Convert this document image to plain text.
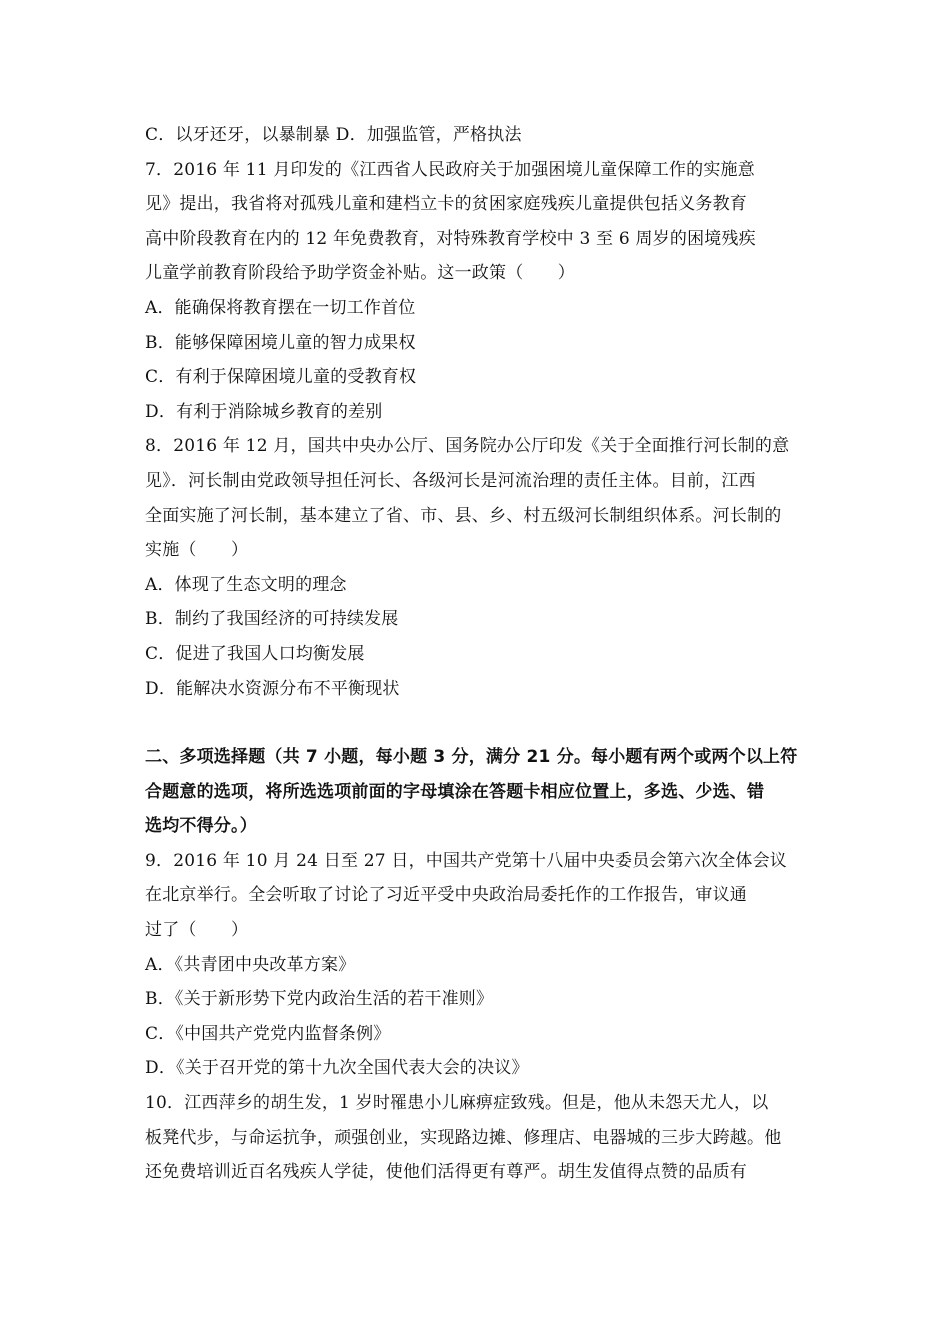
C．以牙还牙，以暴制暴 D．加强监管，严格执法
7．2016 年 11 月印发的《江西省人民政府关于加强困境儿童保障工作的实施意
见》提出，我省将对孤残儿童和建档立卡的贫困家庭残疾儿童提供包括义务教育
高中阶段教育在内的 12 年免费教育，对特殊教育学校中 3 至 6 周岁的困境残疾
儿童学前教育阶段给予助学资金补贴。这一政策（　　）
A．能确保将教育摆在一切工作首位
B．能够保障困境儿童的智力成果权
C．有利于保障困境儿童的受教育权
D．有利于消除城乡教育的差别
8．2016 年 12 月，国共中央办公厅、国务院办公厅印发《关于全面推行河长制的意
见》．河长制由党政领导担任河长、各级河长是河流治理的责任主体。目前，江西
全面实施了河长制，基本建立了省、市、县、乡、村五级河长制组织体系。河长制的
实施（　　）
A．体现了生态文明的理念
B．制约了我国经济的可持续发展
C．促进了我国人口均衡发展
D．能解决水资源分布不平衡现状
二、多项选择题（共 7 小题，每小题 3 分，满分 21 分。每小题有两个或两个以上符
合题意的选项，将所选选项前面的字母填涂在答题卡相应位置上，多选、少选、错
选均不得分。）
9．2016 年 10 月 24 日至 27 日，中国共产党第十八届中央委员会第六次全体会议
在北京举行。全会听取了讨论了习近平受中央政治局委托作的工作报告，审议通
过了（　　）
A．《共青团中央改革方案》
B．《关于新形势下党内政治生活的若干准则》
C．《中国共产党党内监督条例》
D．《关于召开党的第十九次全国代表大会的决议》
10．江西萍乡的胡生发，1 岁时罹患小儿麻痹症致残。但是，他从未怨天尤人，以
板凳代步，与命运抗争，顽强创业，实现路边摊、修理店、电器城的三步大跨越。他
还免费培训近百名残疾人学徒，使他们活得更有尊严。胡生发值得点赞的品质有
